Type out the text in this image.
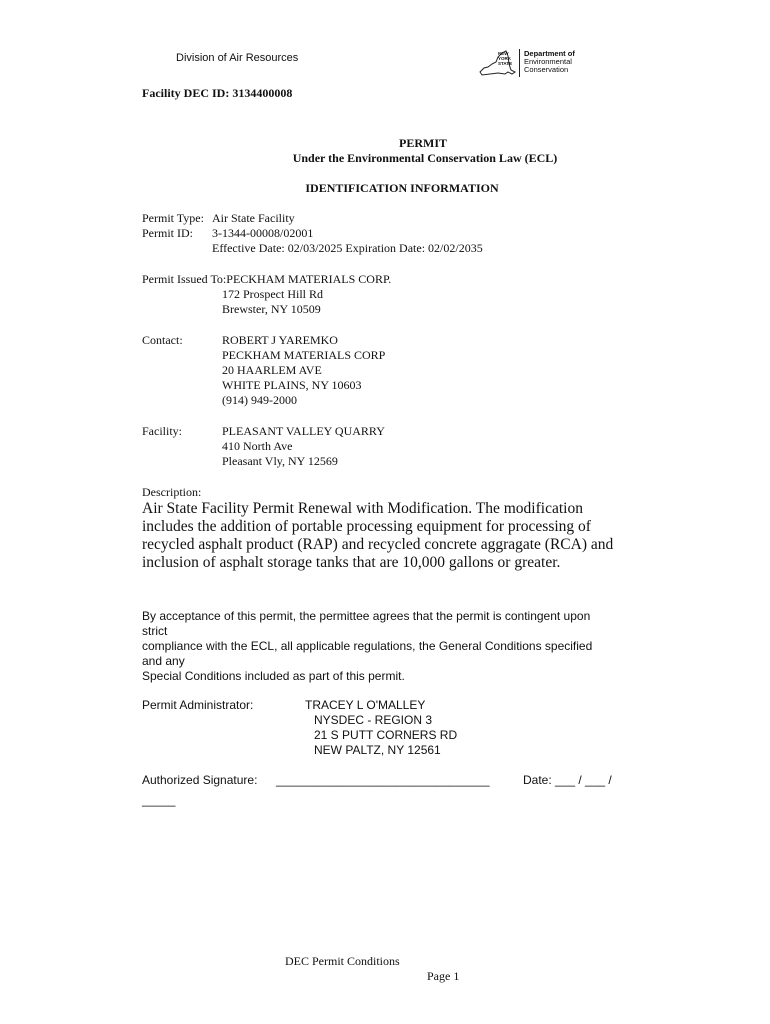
Division of Air Resources	NEW
YORK
STATE
Department of
Environmental
Conservation
Facility DEC ID: 3134400008
PERMIT
Under the Environmental Conservation Law (ECL)
IDENTIFICATION INFORMATION
Permit Type: Air State Facility
Permit ID: 3-1344-00008/02001
Effective Date: 02/03/2025 Expiration Date: 02/02/2035
Permit Issued To:PECKHAM MATERIALS CORP.
172 Prospect Hill Rd
Brewster, NY 10509
Contact:	ROBERT J YAREMKO
PECKHAM MATERIALS CORP
20 HAARLEM AVE
WHITE PLAINS, NY 10603
(914) 949-2000
Facility:	PLEASANT VALLEY QUARRY
410 North Ave
Pleasant Vly, NY 12569
Description:
Air State Facility Permit Renewal with Modification. The modification
includes the addition of portable processing equipment for processing of
recycled asphalt product (RAP) and recycled concrete aggragate (RCA) and
inclusion of asphalt storage tanks that are 10,000 gallons or greater.
By acceptance of this permit, the permittee agrees that the permit is contingent upon
strict
compliance with the ECL, all applicable regulations, the General Conditions specified
and any
Special Conditions included as part of this permit.
Permit Administrator:	TRACEY L O'MALLEY
NYSDEC - REGION 3
21 S PUTT CORNERS RD
NEW PALTZ, NY 12561
Authorized Signature: ________________________________	Date: ___ / ___ /
_____
DEC Permit Conditions
Page 1
